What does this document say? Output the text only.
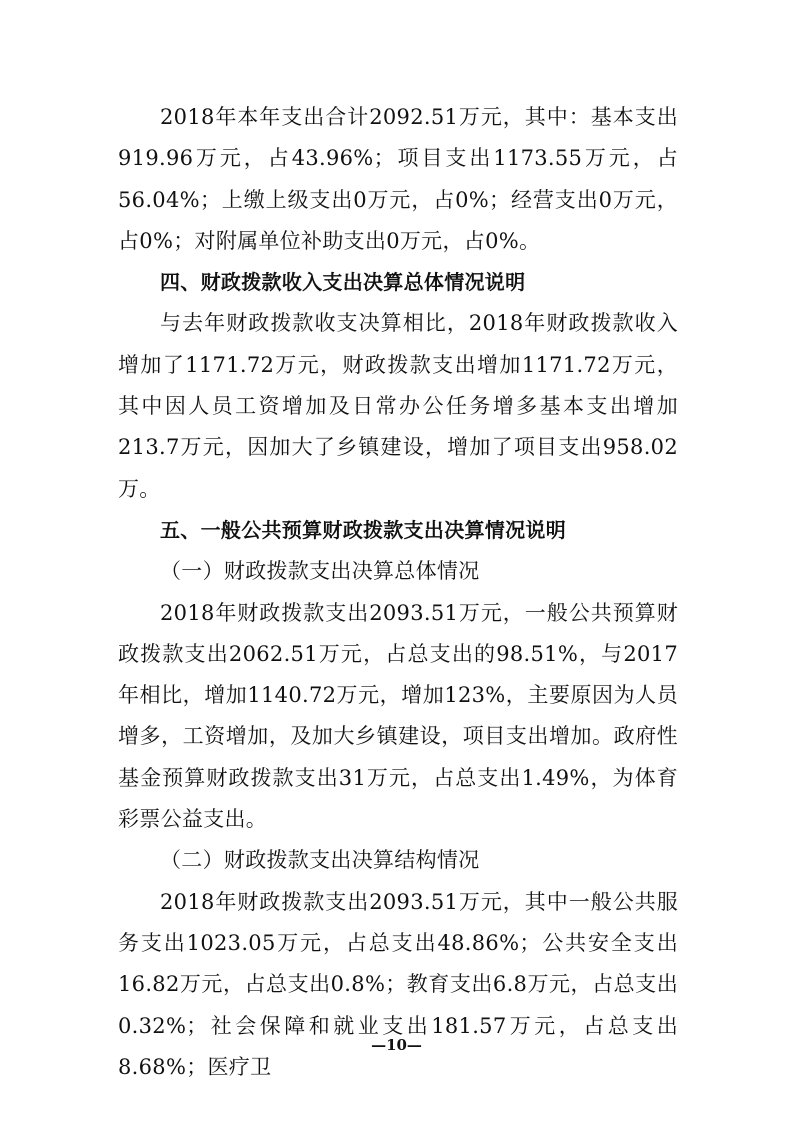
2018年本年支出合计2092.51万元，其中：基本支出919.96万元，占43.96%；项目支出1173.55万元，占56.04%；上缴上级支出0万元，占0%；经营支出0万元，占0%；对附属单位补助支出0万元，占0%。

四、财政拨款收入支出决算总体情况说明

与去年财政拨款收支决算相比，2018年财政拨款收入增加了1171.72万元，财政拨款支出增加1171.72万元，其中因人员工资增加及日常办公任务增多基本支出增加213.7万元，因加大了乡镇建设，增加了项目支出958.02万。

五、一般公共预算财政拨款支出决算情况说明

（一）财政拨款支出决算总体情况

2018年财政拨款支出2093.51万元，一般公共预算财政拨款支出2062.51万元，占总支出的98.51%，与2017年相比，增加1140.72万元，增加123%，主要原因为人员增多，工资增加，及加大乡镇建设，项目支出增加。政府性基金预算财政拨款支出31万元，占总支出1.49%，为体育彩票公益支出。

（二）财政拨款支出决算结构情况

2018年财政拨款支出2093.51万元，其中一般公共服务支出1023.05万元，占总支出48.86%；公共安全支出16.82万元，占总支出0.8%；教育支出6.8万元，占总支出0.32%；社会保障和就业支出181.57万元，占总支出8.68%；医疗卫

—10—
